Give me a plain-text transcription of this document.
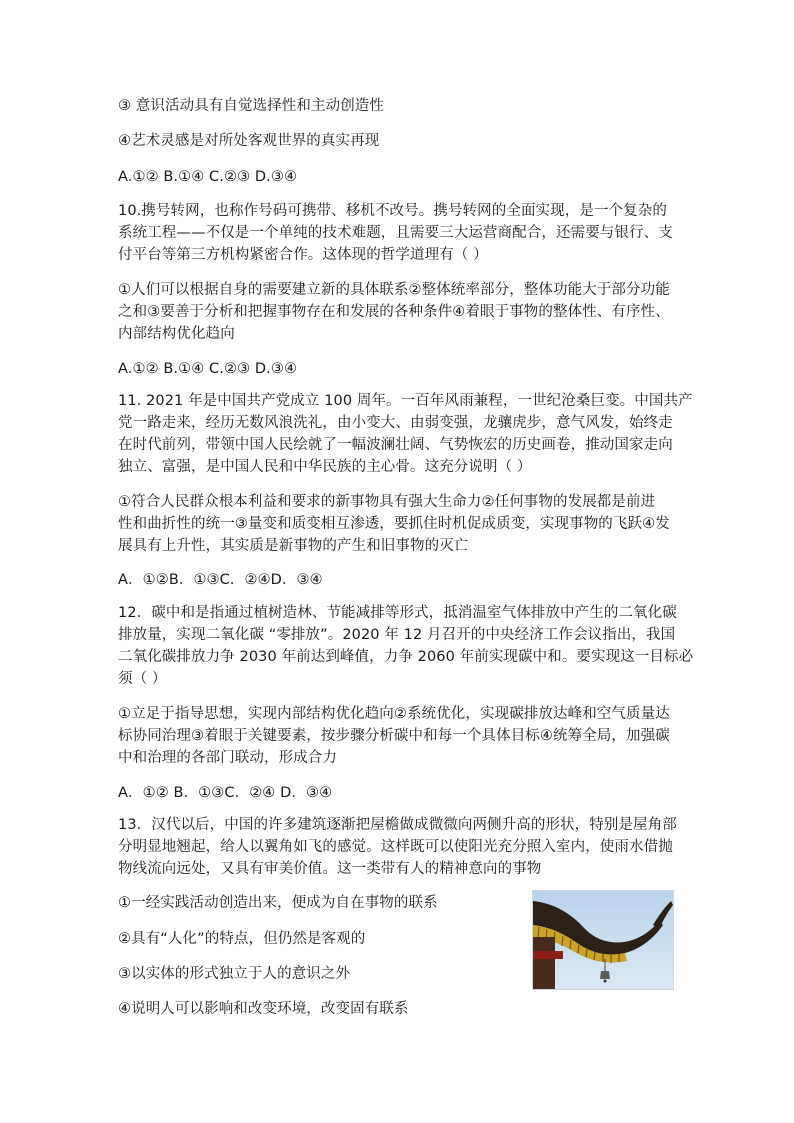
③ 意识活动具有自觉选择性和主动创造性
④艺术灵感是对所处客观世界的真实再现
A.①② B.①④ C.②③ D.③④
10.携号转网，也称作号码可携带、移机不改号。携号转网的全面实现，是一个复杂的
系统工程——不仅是一个单纯的技术难题，且需要三大运营商配合，还需要与银行、支
付平台等第三方机构紧密合作。这体现的哲学道理有（ ）
①人们可以根据自身的需要建立新的具体联系②整体统率部分，整体功能大于部分功能
之和③要善于分析和把握事物存在和发展的各种条件④着眼于事物的整体性、有序性、
内部结构优化趋向
A.①② B.①④ C.②③ D.③④
11. 2021 年是中国共产党成立 100 周年。一百年风雨兼程，一世纪沧桑巨变。中国共产
党一路走来，经历无数风浪洗礼，由小变大、由弱变强，龙骧虎步，意气风发，始终走
在时代前列，带领中国人民绘就了一幅波澜壮阔、气势恢宏的历史画卷，推动国家走向
独立、富强，是中国人民和中华民族的主心骨。这充分说明（ ）
①符合人民群众根本利益和要求的新事物具有强大生命力②任何事物的发展都是前进
性和曲折性的统一③量变和质变相互渗透，要抓住时机促成质变，实现事物的飞跃④发
展具有上升性，其实质是新事物的产生和旧事物的灭亡
A．①②B．①③C．②④D．③④
12．碳中和是指通过植树造林、节能减排等形式，抵消温室气体排放中产生的二氧化碳
排放量，实现二氧化碳 “零排放”。2020 年 12 月召开的中央经济工作会议指出，我国
二氧化碳排放力争 2030 年前达到峰值，力争 2060 年前实现碳中和。要实现这一目标必
须（ ）
①立足于指导思想，实现内部结构优化趋向②系统优化，实现碳排放达峰和空气质量达
标协同治理③着眼于关键要素，按步骤分析碳中和每一个具体目标④统筹全局，加强碳
中和治理的各部门联动，形成合力
A．①② B．①③C．②④ D．③④
13．汉代以后，中国的许多建筑逐渐把屋檐做成微微向两侧升高的形状，特别是屋角部
分明显地翘起，给人以翼角如飞的感觉。这样既可以使阳光充分照入室内，使雨水借抛
物线流向远处，又具有审美价值。这一类带有人的精神意向的事物
①一经实践活动创造出来，便成为自在事物的联系
②具有“人化”的特点，但仍然是客观的
③以实体的形式独立于人的意识之外
④说明人可以影响和改变环境，改变固有联系
